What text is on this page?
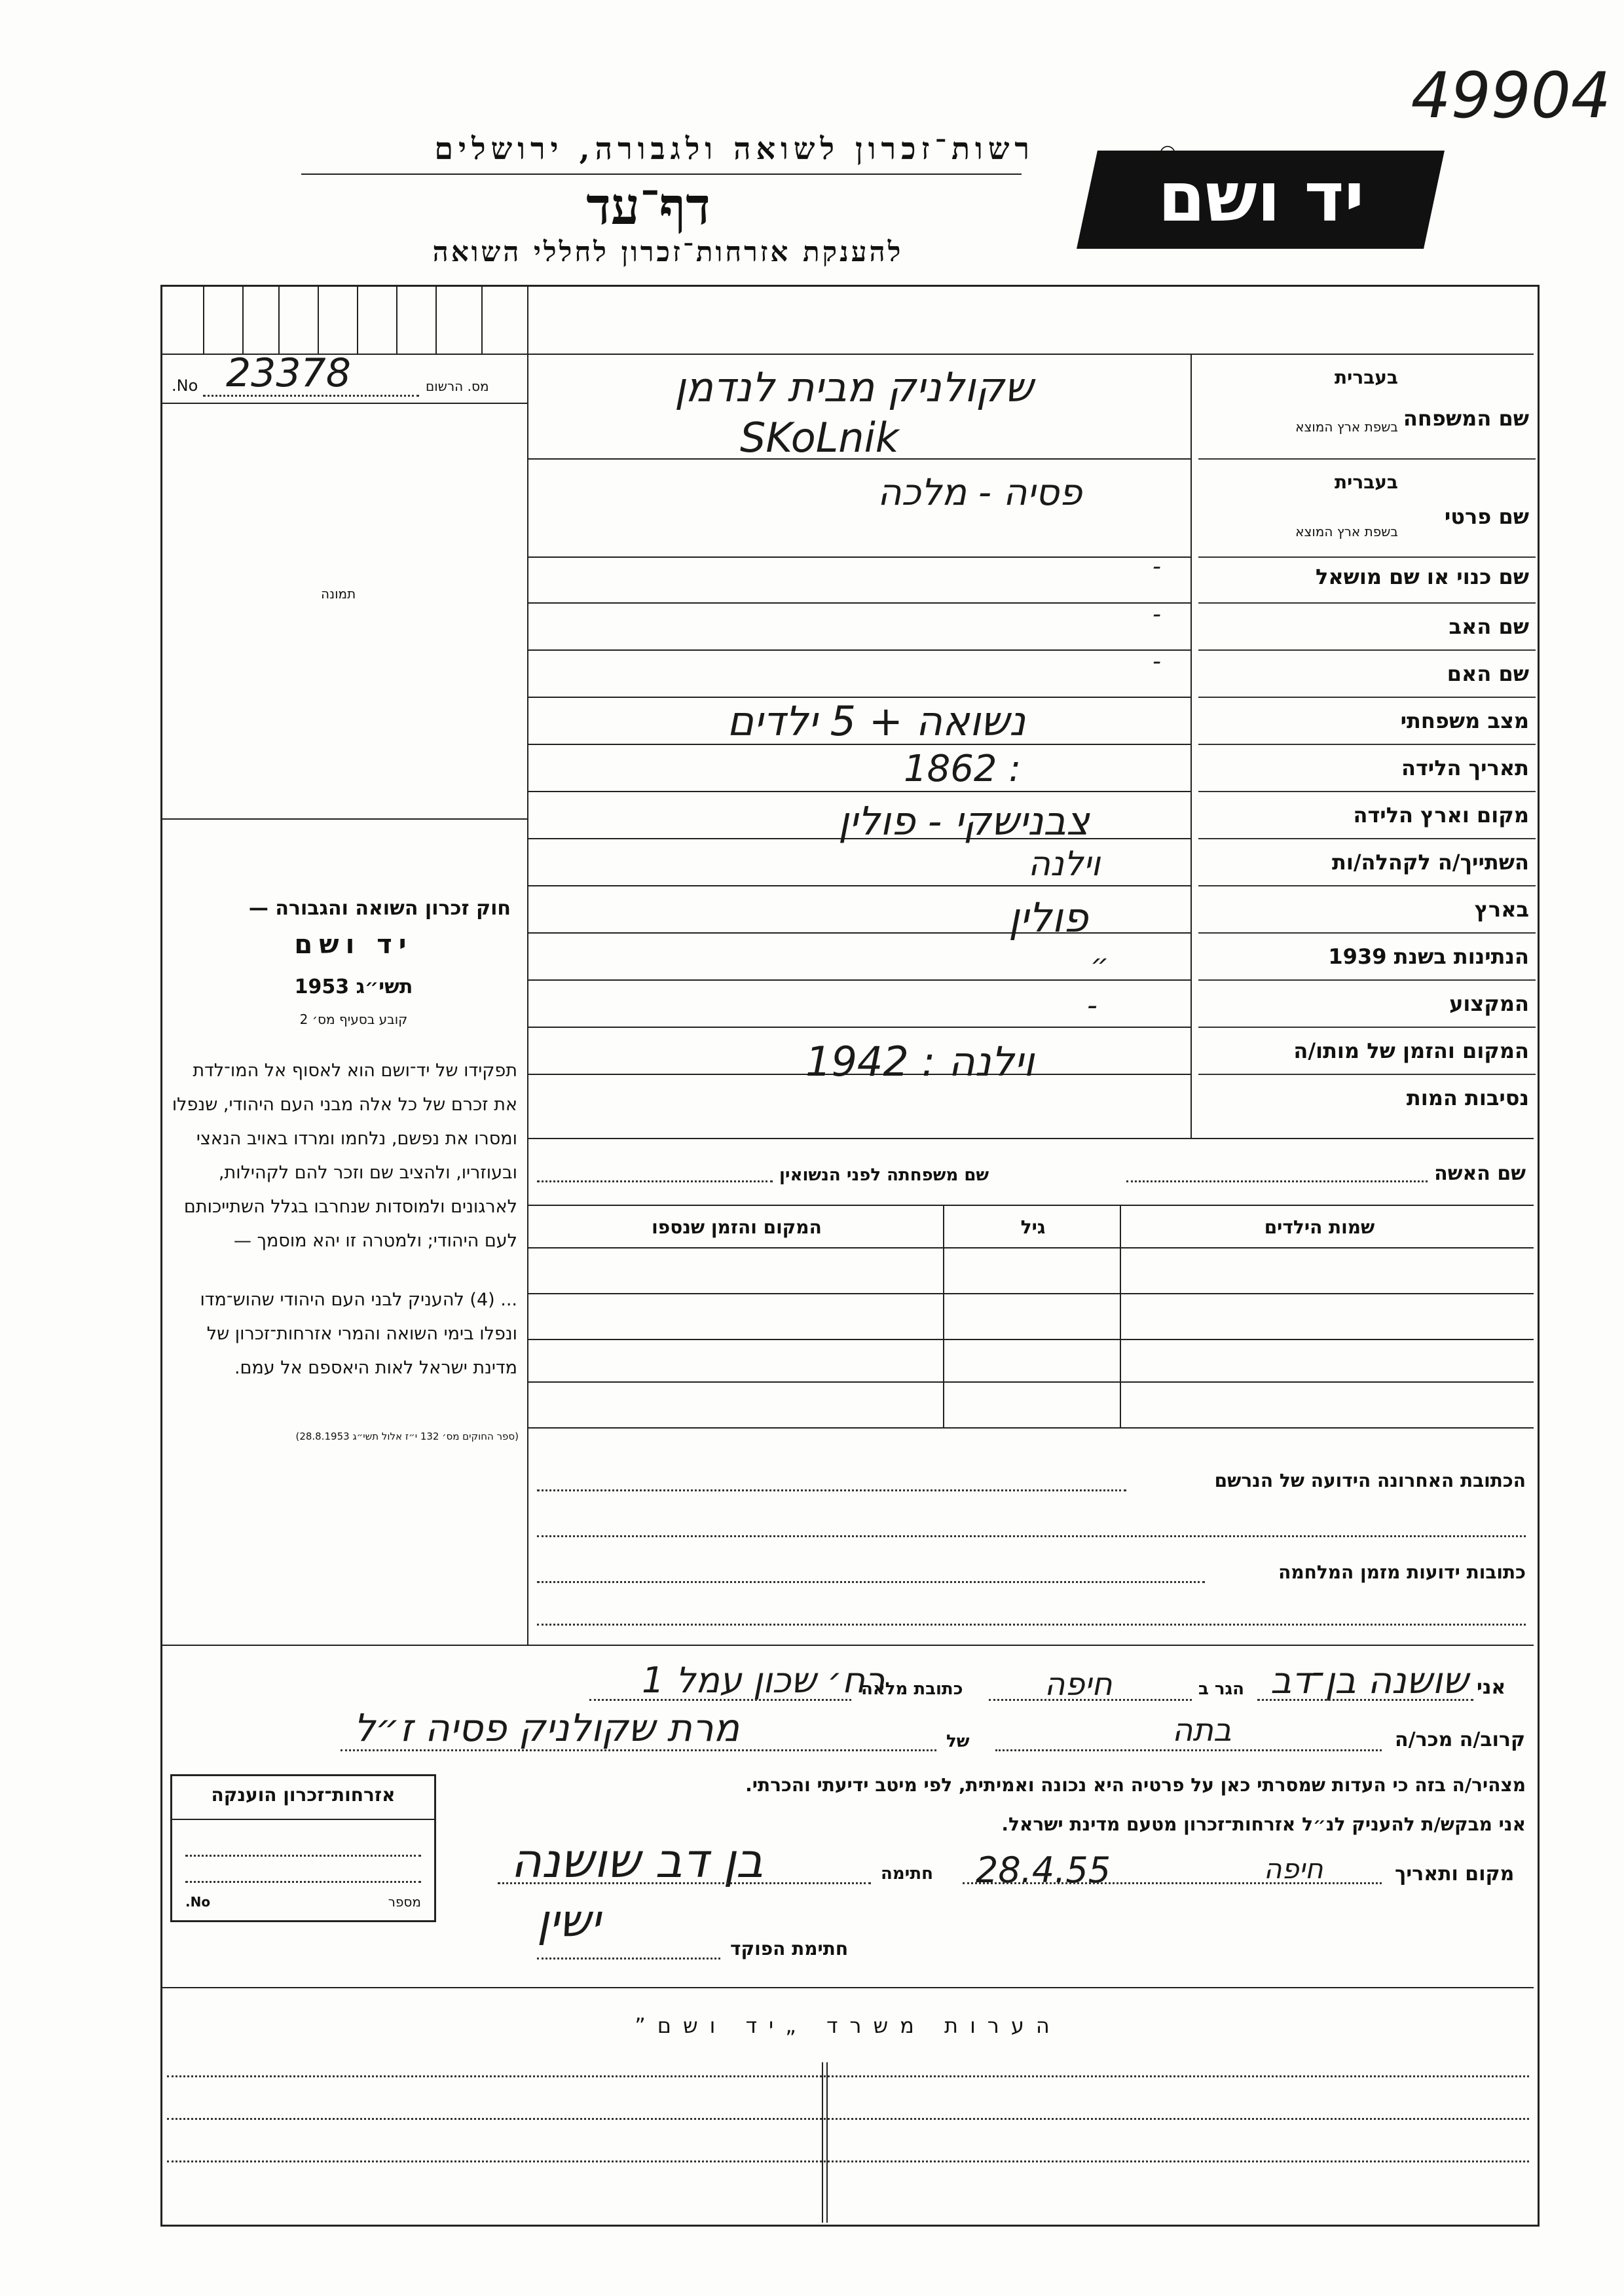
49904
רשות־זכרון לשואה ולגבורה, ירושלים
דף־עד
להענקת אזרחות־זכרון לחללי השואה
יד ושם
No. 23378	מס. הרשום
תמונה
חוק זכרון השואה והגבורה —
יד ושם
תשי״ג 1953
קובע בסעיף מס׳ 2
תפקידו של יד־ושם הוא לאסוף אל המו־לדת את זכרם של כל אלה מבני העם היהודי, שנפלו ומסרו את נפשם, נלחמו ומרדו באויב הנאצי ובעוזריו, ולהציב שם וזכר להם לקהילות, לארגונים ולמוסדות שנחרבו בגלל השתייכותם לעם היהודי; ולמטרה זו יהא מוסמך —
... (4) להעניק לבני העם היהודי שהוש־מדו ונפלו בימי השואה והמרי אזרחות־זכרון של מדינת ישראל לאות היאספם אל עמם.
(ספר החוקים מס׳ 132 י״ז אלול תשי״ג 28.8.1953)
שם המשפחה
בעברית
בשפת ארץ המוצא
שם פרטי
בעברית
בשפת ארץ המוצא
שם כנוי או שם מושאל
שם האב
שם האם
מצב משפחתי
תאריך הלידה
מקום וארץ הלידה
השתייך/ה לקהלה/ות
בארץ
הנתינות בשנת 1939
המקצוע
המקום והזמן של מותו/ה
נסיבות המות
שקולניק מבית לנדמן
SKoLnik
פסיה - מלכה
-
-
-
נשואה + 5 ילדים
1862 :
צבנישקי - פולין
וילנה
פולין
״
-
וילנה : 1942
שם האשה
שם משפחתה לפני הנשואין
שמות הילדים
גיל
המקום והזמן שנספו
הכתובת האחרונה הידועה של הנרשם
כתובות ידועות מזמן המלחמה
אני
שושנה בן־דב
הגר ב
חיפה
כתובת מלאה
רח׳ שכון עמל 1
קרוב/ה מכר/ה
בתה
של
מרת שקולניק פסיה ז״ל
מצהיר/ה בזה כי העדות שמסרתי כאן על פרטיה היא נכונה ואמיתית, לפי מיטב ידיעתי והכרתי.
אני מבקש/ת להעניק לנ״ל אזרחות־זכרון מטעם מדינת ישראל.
מקום ותאריך
חיפה
28.4.55
חתימה
בן דב שושנה
חתימת הפוקד
ישין
אזרחות־זכרון הוענקה
No.	מספר
הערות משרד „יד ושם”
